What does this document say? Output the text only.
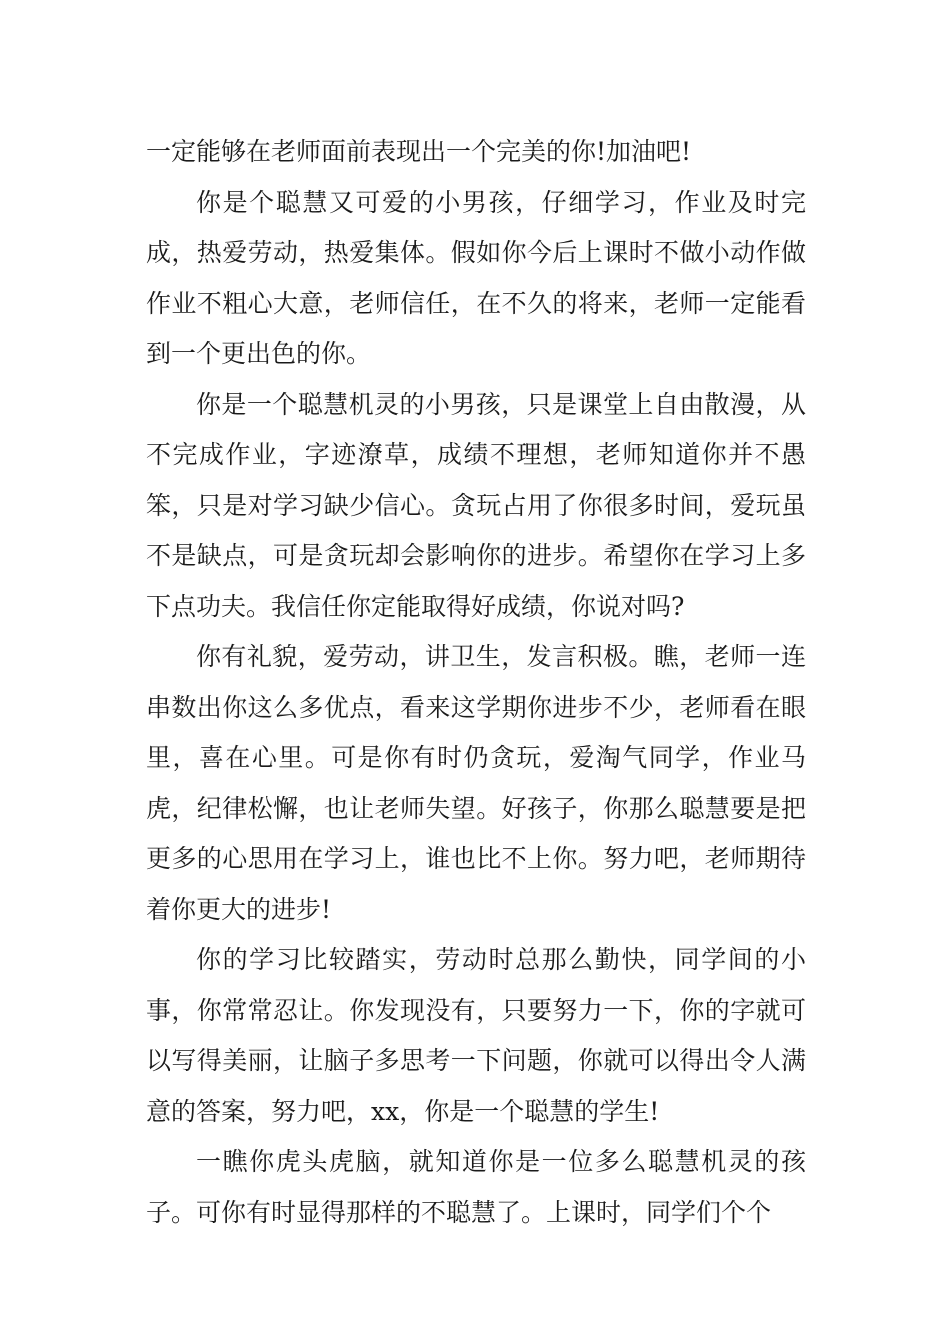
一定能够在老师面前表现出一个完美的你!加油吧!

你是个聪慧又可爱的小男孩，仔细学习，作业及时完成，热爱劳动，热爱集体。假如你今后上课时不做小动作做作业不粗心大意，老师信任，在不久的将来，老师一定能看到一个更出色的你。

你是一个聪慧机灵的小男孩，只是课堂上自由散漫，从不完成作业，字迹潦草，成绩不理想，老师知道你并不愚笨，只是对学习缺少信心。贪玩占用了你很多时间，爱玩虽不是缺点，可是贪玩却会影响你的进步。希望你在学习上多下点功夫。我信任你定能取得好成绩，你说对吗?

你有礼貌，爱劳动，讲卫生，发言积极。瞧，老师一连串数出你这么多优点，看来这学期你进步不少，老师看在眼里，喜在心里。可是你有时仍贪玩，爱淘气同学，作业马虎，纪律松懈，也让老师失望。好孩子，你那么聪慧要是把更多的心思用在学习上，谁也比不上你。努力吧，老师期待着你更大的进步!

你的学习比较踏实，劳动时总那么勤快，同学间的小事，你常常忍让。你发现没有，只要努力一下，你的字就可以写得美丽，让脑子多思考一下问题，你就可以得出令人满意的答案，努力吧，xx，你是一个聪慧的学生!

一瞧你虎头虎脑，就知道你是一位多么聪慧机灵的孩子。可你有时显得那样的不聪慧了。上课时，同学们个个
